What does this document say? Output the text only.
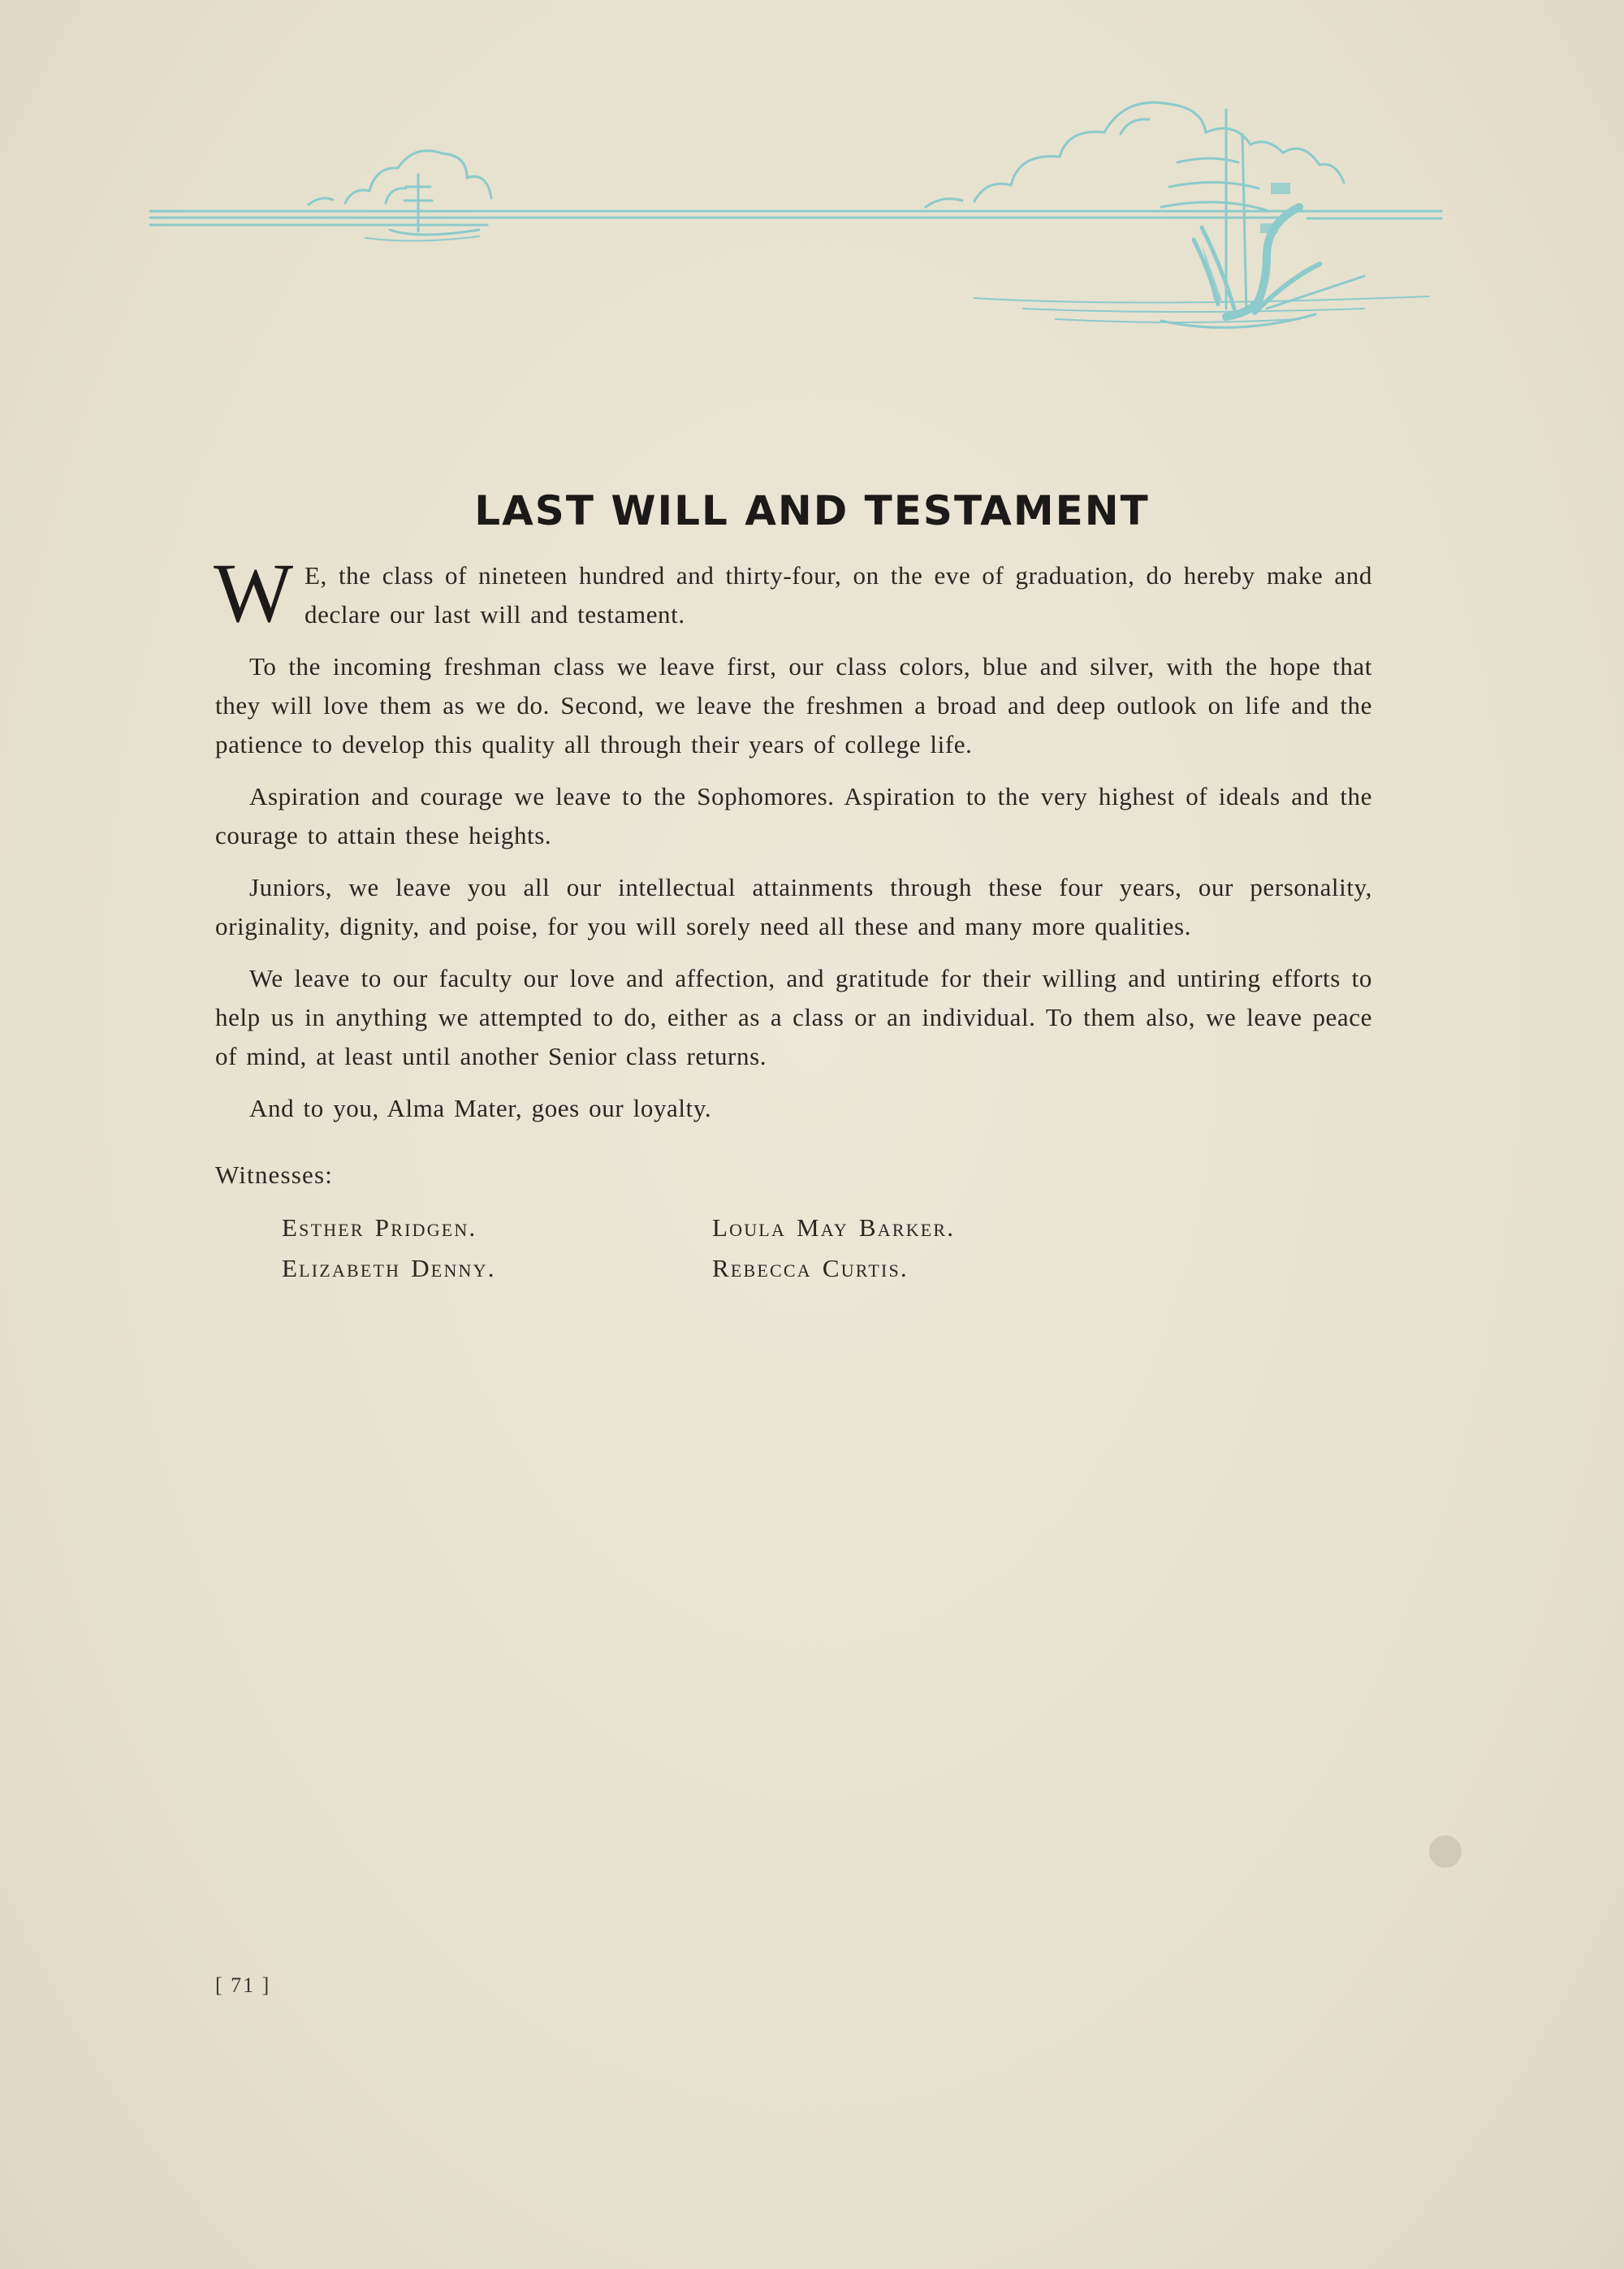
LAST WILL AND TESTAMENT

W E, the class of nineteen hundred and thirty-four, on the eve of graduation, do hereby make and declare our last will and testament.

To the incoming freshman class we leave first, our class colors, blue and silver, with the hope that they will love them as we do. Second, we leave the freshmen a broad and deep outlook on life and the patience to develop this quality all through their years of college life.

Aspiration and courage we leave to the Sophomores. Aspiration to the very highest of ideals and the courage to attain these heights.

Juniors, we leave you all our intellectual attainments through these four years, our personality, originality, dignity, and poise, for you will sorely need all these and many more qualities.

We leave to our faculty our love and affection, and gratitude for their willing and untiring efforts to help us in anything we attempted to do, either as a class or an individual. To them also, we leave peace of mind, at least until another Senior class returns.

And to you, Alma Mater, goes our loyalty.

Witnesses:
Esther Pridgen.	Loula May Barker.
Elizabeth Denny.	Rebecca Curtis.
[ 71 ]
